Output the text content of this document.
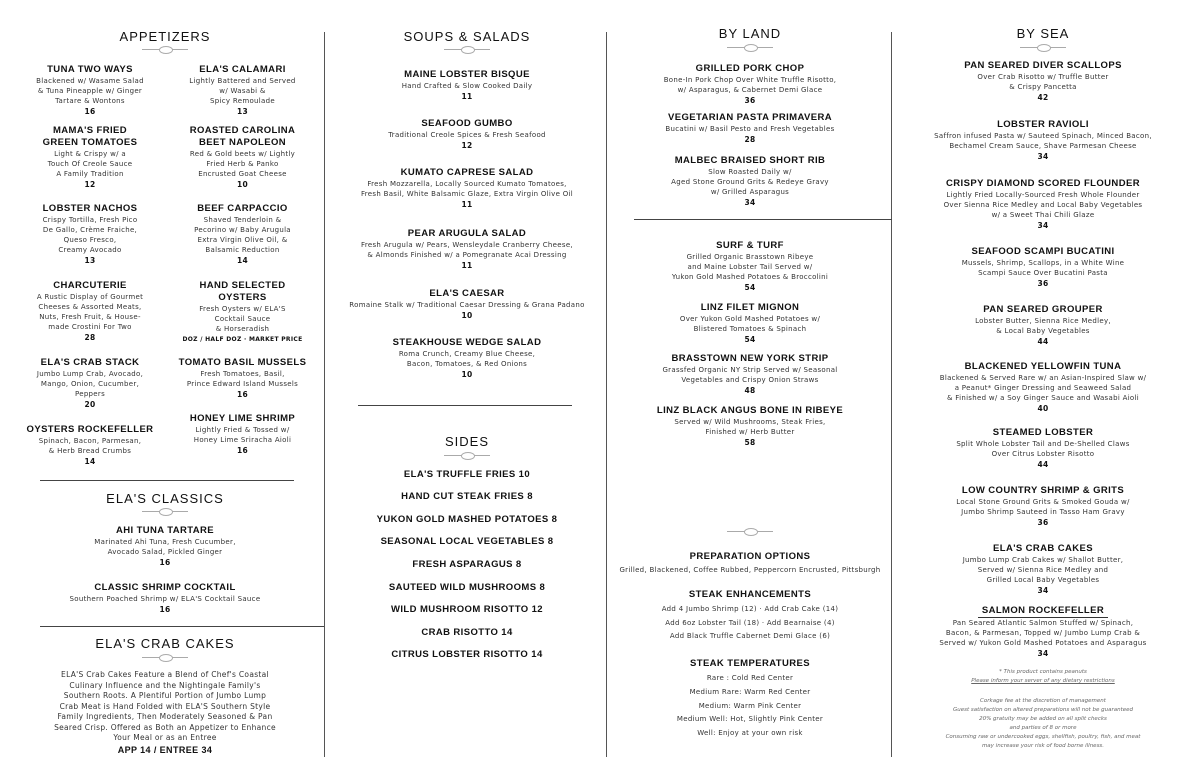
APPETIZERS
TUNA TWO WAYS
Blackened w/ Wasame Salad
& Tuna Pineapple w/ Ginger
Tartare & Wontons
16
ELA'S CALAMARI
Lightly Battered and Served
w/ Wasabi &
Spicy Remoulade
13
MAMA'S FRIED
GREEN TOMATOES
Light & Crispy w/ a
Touch Of Creole Sauce
A Family Tradition
12
ROASTED CAROLINA
BEET NAPOLEON
Red & Gold beets w/ Lightly
Fried Herb & Panko
Encrusted Goat Cheese
10
LOBSTER NACHOS
Crispy Tortilla, Fresh Pico
De Gallo, Crème Fraiche,
Queso Fresco,
Creamy Avocado
13
BEEF CARPACCIO
Shaved Tenderloin &
Pecorino w/ Baby Arugula
Extra Virgin Olive Oil, &
Balsamic Reduction
14
CHARCUTERIE
A Rustic Display of Gourmet
Cheeses & Assorted Meats,
Nuts, Fresh Fruit, & House-
made Crostini For Two
28
HAND SELECTED
OYSTERS
Fresh Oysters w/ ELA'S
Cocktail Sauce
& Horseradish
DOZ / HALF DOZ · MARKET PRICE
ELA'S CRAB STACK
Jumbo Lump Crab, Avocado,
Mango, Onion, Cucumber,
Peppers
20
TOMATO BASIL MUSSELS
Fresh Tomatoes, Basil,
Prince Edward Island Mussels
16
OYSTERS ROCKEFELLER
Spinach, Bacon, Parmesan,
& Herb Bread Crumbs
14
HONEY LIME SHRIMP
Lightly Fried & Tossed w/
Honey Lime Sriracha Aioli
16
ELA'S CLASSICS
AHI TUNA TARTARE
Marinated Ahi Tuna, Fresh Cucumber,
Avocado Salad, Pickled Ginger
16
CLASSIC SHRIMP COCKTAIL
Southern Poached Shrimp w/ ELA'S Cocktail Sauce
16
ELA'S CRAB CAKES
ELA'S Crab Cakes Feature a Blend of Chef's Coastal
Culinary Influence and the Nightingale Family's
Southern Roots. A Plentiful Portion of Jumbo Lump
Crab Meat is Hand Folded with ELA'S Southern Style
Family Ingredients, Then Moderately Seasoned & Pan
Seared Crisp. Offered as Both an Appetizer to Enhance
Your Meal or as an Entree
APP 14 / ENTREE 34
SOUPS & SALADS
MAINE LOBSTER BISQUE
Hand Crafted & Slow Cooked Daily
11
SEAFOOD GUMBO
Traditional Creole Spices & Fresh Seafood
12
KUMATO CAPRESE SALAD
Fresh Mozzarella, Locally Sourced Kumato Tomatoes,
Fresh Basil, White Balsamic Glaze, Extra Virgin Olive Oil
11
PEAR ARUGULA SALAD
Fresh Arugula w/ Pears, Wensleydale Cranberry Cheese,
& Almonds Finished w/ a Pomegranate Acai Dressing
11
ELA'S CAESAR
Romaine Stalk w/ Traditional Caesar Dressing & Grana Padano
10
STEAKHOUSE WEDGE SALAD
Roma Crunch, Creamy Blue Cheese,
Bacon, Tomatoes, & Red Onions
10
SIDES
ELA'S TRUFFLE FRIES 10
HAND CUT STEAK FRIES 8
YUKON GOLD MASHED POTATOES 8
SEASONAL LOCAL VEGETABLES 8
FRESH ASPARAGUS 8
SAUTEED WILD MUSHROOMS 8
WILD MUSHROOM RISOTTO 12
CRAB RISOTTO 14
CITRUS LOBSTER RISOTTO 14
BY LAND
GRILLED PORK CHOP
Bone-In Pork Chop Over White Truffle Risotto,
w/ Asparagus, & Cabernet Demi Glace
36
VEGETARIAN PASTA PRIMAVERA
Bucatini w/ Basil Pesto and Fresh Vegetables
28
MALBEC BRAISED SHORT RIB
Slow Roasted Daily w/
Aged Stone Ground Grits & Redeye Gravy
w/ Grilled Asparagus
34
SURF & TURF
Grilled Organic Brasstown Ribeye
and Maine Lobster Tail Served w/
Yukon Gold Mashed Potatoes & Broccolini
54
LINZ FILET MIGNON
Over Yukon Gold Mashed Potatoes w/
Blistered Tomatoes & Spinach
54
BRASSTOWN NEW YORK STRIP
Grassfed Organic NY Strip Served w/ Seasonal
Vegetables and Crispy Onion Straws
48
LINZ BLACK ANGUS BONE IN RIBEYE
Served w/ Wild Mushrooms, Steak Fries,
Finished w/ Herb Butter
58
PREPARATION OPTIONS
Grilled, Blackened, Coffee Rubbed, Peppercorn Encrusted, Pittsburgh
STEAK ENHANCEMENTS
Add 4 Jumbo Shrimp (12) · Add Crab Cake (14)
Add 6oz Lobster Tail (18) · Add Bearnaise (4)
Add Black Truffle Cabernet Demi Glace (6)
STEAK TEMPERATURES
Rare : Cold Red Center
Medium Rare: Warm Red Center
Medium: Warm Pink Center
Medium Well: Hot, Slightly Pink Center
Well: Enjoy at your own risk
BY SEA
PAN SEARED DIVER SCALLOPS
Over Crab Risotto w/ Truffle Butter
& Crispy Pancetta
42
LOBSTER RAVIOLI
Saffron infused Pasta w/ Sauteed Spinach, Minced Bacon,
Bechamel Cream Sauce, Shave Parmesan Cheese
34
CRISPY DIAMOND SCORED FLOUNDER
Lightly Fried Locally-Sourced Fresh Whole Flounder
Over Sienna Rice Medley and Local Baby Vegetables
w/ a Sweet Thai Chili Glaze
34
SEAFOOD SCAMPI BUCATINI
Mussels, Shrimp, Scallops, in a White Wine
Scampi Sauce Over Bucatini Pasta
36
PAN SEARED GROUPER
Lobster Butter, Sienna Rice Medley,
& Local Baby Vegetables
44
BLACKENED YELLOWFIN TUNA
Blackened & Served Rare w/ an Asian-Inspired Slaw w/
a Peanut* Ginger Dressing and Seaweed Salad
& Finished w/ a Soy Ginger Sauce and Wasabi Aioli
40
STEAMED LOBSTER
Split Whole Lobster Tail and De-Shelled Claws
Over Citrus Lobster Risotto
44
LOW COUNTRY SHRIMP & GRITS
Local Stone Ground Grits & Smoked Gouda w/
Jumbo Shrimp Sauteed in Tasso Ham Gravy
36
ELA'S CRAB CAKES
Jumbo Lump Crab Cakes w/ Shallot Butter,
Served w/ Sienna Rice Medley and
Grilled Local Baby Vegetables
34
SALMON ROCKEFELLER
Pan Seared Atlantic Salmon Stuffed w/ Spinach,
Bacon, & Parmesan, Topped w/ Jumbo Lump Crab &
Served w/ Yukon Gold Mashed Potatoes and Asparagus
34
* This product contains peanuts
Please inform your server of any dietary restrictions
Corkage fee at the discretion of management
Guest satisfaction on altered preparations will not be guaranteed
20% gratuity may be added on all split checks
and parties of 8 or more
Consuming raw or undercooked eggs, shellfish, poultry, fish, and meat
may increase your risk of food borne illness.
